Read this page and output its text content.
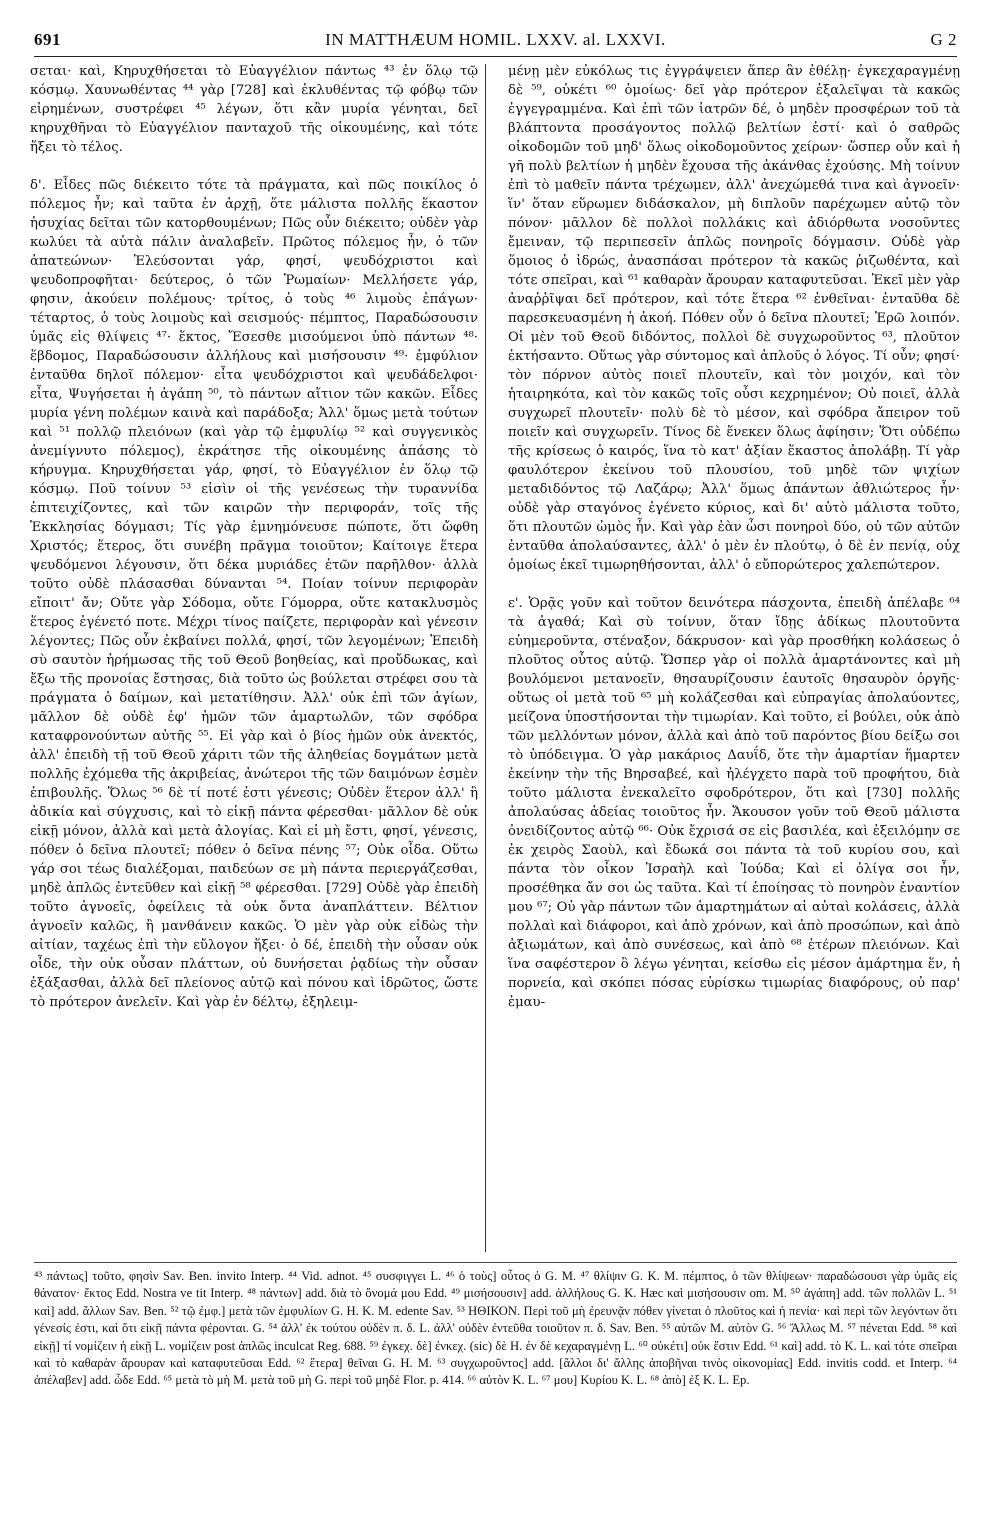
691	IN MATTHÆUM HOMIL. LXXV. al. LXXVI.	G 2

σεται· καὶ, Κηρυχθήσεται τὸ Εὐαγγέλιον πάντως ⁴³ ἐν ὅλῳ τῷ κόσμῳ. Χαυνωθέντας ⁴⁴ γὰρ [728] καὶ ἐκλυθέντας τῷ φόβῳ τῶν εἰρημένων, συστρέφει ⁴⁵ λέγων, ὅτι κἂν μυρία γένηται, δεῖ κηρυχθῆναι τὸ Εὐαγγέλιον πανταχοῦ τῆς οἰκουμένης, καὶ τότε ἥξει τὸ τέλος.

δ'. Εἶδες πῶς διέκειτο τότε τὰ πράγματα, καὶ πῶς ποικίλος ὁ πόλεμος ἦν; καὶ ταῦτα ἐν ἀρχῇ, ὅτε μάλιστα πολλῆς ἕκαστον ἡσυχίας δεῖται τῶν κατορθουμένων; Πῶς οὖν διέκειτο; οὐδὲν γὰρ κωλύει τὰ αὐτὰ πάλιν ἀναλαβεῖν. Πρῶτος πόλεμος ἦν, ὁ τῶν ἀπατεώνων· Ἐλεύσονται γάρ, φησί, ψευδόχριστοι καὶ ψευδοπροφῆται· δεύτερος, ὁ τῶν Ῥωμαίων· Μελλήσετε γάρ, φησιν, ἀκούειν πολέμους· τρίτος, ὁ τοὺς ⁴⁶ λιμοὺς ἐπάγων· τέταρτος, ὁ τοὺς λοιμοὺς καὶ σεισμούς· πέμπτος, Παραδώσουσιν ὑμᾶς εἰς θλίψεις ⁴⁷· ἕκτος, Ἔσεσθε μισούμενοι ὑπὸ πάντων ⁴⁸· ἕβδομος, Παραδώσουσιν ἀλλήλους καὶ μισήσουσιν ⁴⁹· ἐμφύλιον ἐνταῦθα δηλοῖ πόλεμον· εἶτα ψευδόχριστοι καὶ ψευδάδελφοι· εἶτα, Ψυγήσεται ἡ ἀγάπη ⁵⁰, τὸ πάντων αἴτιον τῶν κακῶν. Εἶδες μυρία γένη πολέμων καινὰ καὶ παράδοξα; Ἀλλ' ὅμως μετὰ τούτων καὶ ⁵¹ πολλῷ πλειόνων (καὶ γὰρ τῷ ἐμφυλίῳ ⁵² καὶ συγγενικὸς ἀνεμίγνυτο πόλεμος), ἐκράτησε τῆς οἰκουμένης ἁπάσης τὸ κήρυγμα. Κηρυχθήσεται γάρ, φησί, τὸ Εὐαγγέλιον ἐν ὅλῳ τῷ κόσμῳ. Ποῦ τοίνυν ⁵³ εἰσὶν οἱ τῆς γενέσεως τὴν τυραννίδα ἐπιτειχίζοντες, καὶ τῶν καιρῶν τὴν περιφοράν, τοῖς τῆς Ἐκκλησίας δόγμασι; Τίς γὰρ ἐμνημόνευσε πώποτε, ὅτι ὤφθη Χριστός; ἕτερος, ὅτι συνέβη πρᾶγμα τοιοῦτον; Καίτοιγε ἕτερα ψευδόμενοι λέγουσιν, ὅτι δέκα μυριάδες ἐτῶν παρῆλθον· ἀλλὰ τοῦτο οὐδὲ πλάσασθαι δύνανται ⁵⁴. Ποίαν τοίνυν περιφορὰν εἴποιτ' ἄν; Οὔτε γὰρ Σόδομα, οὔτε Γόμορρα, οὔτε κατακλυσμὸς ἕτερος ἐγένετό ποτε. Μέχρι τίνος παίζετε, περιφορὰν καὶ γένεσιν λέγοντες; Πῶς οὖν ἐκβαίνει πολλά, φησί, τῶν λεγομένων; Ἐπειδὴ σὺ σαυτὸν ἠρήμωσας τῆς τοῦ Θεοῦ βοηθείας, καὶ προὔδωκας, καὶ ἔξω τῆς προνοίας ἔστησας, διὰ τοῦτο ὡς βούλεται στρέφει σου τὰ πράγματα ὁ δαίμων, καὶ μετατίθησιν. Ἀλλ' οὐκ ἐπὶ τῶν ἁγίων, μᾶλλον δὲ οὐδὲ ἐφ' ἡμῶν τῶν ἁμαρτωλῶν, τῶν σφόδρα καταφρονούντων αὐτῆς ⁵⁵. Εἰ γὰρ καὶ ὁ βίος ἡμῶν οὐκ ἀνεκτός, ἀλλ' ἐπειδὴ τῇ τοῦ Θεοῦ χάριτι τῶν τῆς ἀληθείας δογμάτων μετὰ πολλῆς ἐχόμεθα τῆς ἀκριβείας, ἀνώτεροι τῆς τῶν δαιμόνων ἐσμὲν ἐπιβουλῆς. Ὅλως ⁵⁶ δὲ τί ποτέ ἐστι γένεσις; Οὐδὲν ἕτερον ἀλλ' ἢ ἀδικία καὶ σύγχυσις, καὶ τὸ εἰκῇ πάντα φέρεσθαι· μᾶλλον δὲ οὐκ εἰκῇ μόνον, ἀλλὰ καὶ μετὰ ἀλογίας. Καὶ εἰ μὴ ἔστι, φησί, γένεσις, πόθεν ὁ δεῖνα πλουτεῖ; πόθεν ὁ δεῖνα πένης ⁵⁷; Οὐκ οἶδα. Οὕτω γάρ σοι τέως διαλέξομαι, παιδεύων σε μὴ πάντα περιεργάζεσθαι, μηδὲ ἁπλῶς ἐντεῦθεν καὶ εἰκῇ ⁵⁸ φέρεσθαι. [729] Οὐδὲ γὰρ ἐπειδὴ τοῦτο ἀγνοεῖς, ὀφείλεις τὰ οὐκ ὄντα ἀναπλάττειν. Βέλτιον ἀγνοεῖν καλῶς, ἢ μανθάνειν κακῶς. Ὁ μὲν γὰρ οὐκ εἰδὼς τὴν αἰτίαν, ταχέως ἐπὶ τὴν εὔλογον ἥξει· ὁ δέ, ἐπειδὴ τὴν οὖσαν οὐκ οἶδε, τὴν οὐκ οὖσαν πλάττων, οὐ δυνήσεται ῥᾳδίως τὴν οὖσαν ἐξάξασθαι, ἀλλὰ δεῖ πλείονος αὐτῷ καὶ πόνου καὶ ἱδρῶτος, ὥστε τὸ πρότερον ἀνελεῖν. Καὶ γὰρ ἐν δέλτῳ, ἐξηλειμ-

μένῃ μὲν εὐκόλως τις ἐγγράψειεν ἅπερ ἂν ἐθέλῃ· ἐγκεχαραγμένῃ δὲ ⁵⁹, οὐκέτι ⁶⁰ ὁμοίως· δεῖ γὰρ πρότερον ἐξαλεῖψαι τὰ κακῶς ἐγγεγραμμένα. Καὶ ἐπὶ τῶν ἰατρῶν δέ, ὁ μηδὲν προσφέρων τοῦ τὰ βλάπτοντα προσάγοντος πολλῷ βελτίων ἐστί· καὶ ὁ σαθρῶς οἰκοδομῶν τοῦ μηδ' ὅλως οἰκοδομοῦντος χείρων· ὥσπερ οὖν καὶ ἡ γῆ πολὺ βελτίων ἡ μηδὲν ἔχουσα τῆς ἀκάνθας ἐχούσης. Μὴ τοίνυν ἐπὶ τὸ μαθεῖν πάντα τρέχωμεν, ἀλλ' ἀνεχώμεθά τινα καὶ ἀγνοεῖν· ἵν' ὅταν εὕρωμεν διδάσκαλον, μὴ διπλοῦν παρέχωμεν αὐτῷ τὸν πόνον· μᾶλλον δὲ πολλοὶ πολλάκις καὶ ἀδιόρθωτα νοσοῦντες ἔμειναν, τῷ περιπεσεῖν ἁπλῶς πονηροῖς δόγμασιν. Οὐδὲ γὰρ ὅμοιος ὁ ἱδρώς, ἀνασπάσαι πρότερον τὰ κακῶς ῥιζωθέντα, καὶ τότε σπεῖραι, καὶ ⁶¹ καθαρὰν ἄρουραν καταφυτεῦσαι. Ἐκεῖ μὲν γὰρ ἀναῤῥῖψαι δεῖ πρότερον, καὶ τότε ἕτερα ⁶² ἐνθεῖναι· ἐνταῦθα δὲ παρεσκευασμένη ἡ ἀκοή. Πόθεν οὖν ὁ δεῖνα πλουτεῖ; Ἐρῶ λοιπόν. Οἱ μὲν τοῦ Θεοῦ διδόντος, πολλοὶ δὲ συγχωροῦντος ⁶³, πλοῦτον ἐκτήσαντο. Οὕτως γὰρ σύντομος καὶ ἁπλοῦς ὁ λόγος. Τί οὖν; φησί· τὸν πόρνον αὐτὸς ποιεῖ πλουτεῖν, καὶ τὸν μοιχόν, καὶ τὸν ἡταιρηκότα, καὶ τὸν κακῶς τοῖς οὖσι κεχρημένον; Οὐ ποιεῖ, ἀλλὰ συγχωρεῖ πλουτεῖν· πολὺ δὲ τὸ μέσον, καὶ σφόδρα ἄπειρον τοῦ ποιεῖν καὶ συγχωρεῖν. Τίνος δὲ ἕνεκεν ὅλως ἀφίησιν; Ὅτι οὐδέπω τῆς κρίσεως ὁ καιρός, ἵνα τὸ κατ' ἀξίαν ἕκαστος ἀπολάβῃ. Τί γὰρ φαυλότερον ἐκείνου τοῦ πλουσίου, τοῦ μηδὲ τῶν ψιχίων μεταδιδόντος τῷ Λαζάρῳ; Ἀλλ' ὅμως ἁπάντων ἀθλιώτερος ἦν· οὐδὲ γὰρ σταγόνος ἐγένετο κύριος, καὶ δι' αὐτὸ μάλιστα τοῦτο, ὅτι πλουτῶν ὠμὸς ἦν. Καὶ γὰρ ἐὰν ὦσι πονηροὶ δύο, οὐ τῶν αὐτῶν ἐνταῦθα ἀπολαύσαντες, ἀλλ' ὁ μὲν ἐν πλούτῳ, ὁ δὲ ἐν πενίᾳ, οὐχ ὁμοίως ἐκεῖ τιμωρηθήσονται, ἀλλ' ὁ εὔπορώτερος χαλεπώτερον.

ε'. Ὁρᾷς γοῦν καὶ τοῦτον δεινότερα πάσχοντα, ἐπειδὴ ἀπέλαβε ⁶⁴ τὰ ἀγαθά; Καὶ σὺ τοίνυν, ὅταν ἴδῃς ἀδίκως πλουτοῦντα εὐημεροῦντα, στέναξον, δάκρυσον· καὶ γὰρ προσθήκη κολάσεως ὁ πλοῦτος οὗτος αὐτῷ. Ὥσπερ γὰρ οἱ πολλὰ ἁμαρτάνοντες καὶ μὴ βουλόμενοι μετανοεῖν, θησαυρίζουσιν ἑαυτοῖς θησαυρὸν ὀργῆς· οὕτως οἱ μετὰ τοῦ ⁶⁵ μὴ κολάζεσθαι καὶ εὐπραγίας ἀπολαύοντες, μείζονα ὑποστήσονται τὴν τιμωρίαν. Καὶ τοῦτο, εἰ βούλει, οὐκ ἀπὸ τῶν μελλόντων μόνον, ἀλλὰ καὶ ἀπὸ τοῦ παρόντος βίου δείξω σοι τὸ ὑπόδειγμα. Ὁ γὰρ μακάριος Δαυΐδ, ὅτε τὴν ἁμαρτίαν ἥμαρτεν ἐκείνην τὴν τῆς Βηρσαβεέ, καὶ ἠλέγχετο παρὰ τοῦ προφήτου, διὰ τοῦτο μάλιστα ἐνεκαλεῖτο σφοδρότερον, ὅτι καὶ [730] πολλῆς ἀπολαύσας ἀδείας τοιοῦτος ἦν. Ἄκουσον γοῦν τοῦ Θεοῦ μάλιστα ὀνειδίζοντος αὐτῷ ⁶⁶· Οὐκ ἔχρισά σε εἰς βασιλέα, καὶ ἐξειλόμην σε ἐκ χειρὸς Σαοὺλ, καὶ ἔδωκά σοι πάντα τὰ τοῦ κυρίου σου, καὶ πάντα τὸν οἶκον Ἰσραὴλ καὶ Ἰούδα; Καὶ εἰ ὀλίγα σοι ἦν, προσέθηκα ἄν σοι ὡς ταῦτα. Καὶ τί ἐποίησας τὸ πονηρὸν ἐναντίον μου ⁶⁷; Οὐ γὰρ πάντων τῶν ἁμαρτημάτων αἱ αὐταὶ κολάσεις, ἀλλὰ πολλαὶ καὶ διάφοροι, καὶ ἀπὸ χρόνων, καὶ ἀπὸ προσώπων, καὶ ἀπὸ ἀξιωμάτων, καὶ ἀπὸ συνέσεως, καὶ ἀπὸ ⁶⁸ ἑτέρων πλειόνων. Καὶ ἵνα σαφέστερον ὃ λέγω γένηται, κείσθω εἰς μέσον ἁμάρτημα ἕν, ἡ πορνεία, καὶ σκόπει πόσας εὑρίσκω τιμωρίας διαφόρους, οὐ παρ' ἐμαυ-

⁴³ πάντως] τοῦτο, φησὶν Sav. Ben. invito Interp. ⁴⁴ Vid. adnot. ⁴⁵ συσφιγγει L. ⁴⁶ ὁ τοὺς] οὗτος ὁ G. M. ⁴⁷ θλίψιν G. K. M. πέμπτος, ὁ τῶν θλίψεων· παραδώσουσι γὰρ ὑμᾶς εἰς θάνατον· ἕκτος Edd. Nostra ve tit Interp. ⁴⁸ πάντων] add. διὰ τὸ ὄνομά μου Edd. ⁴⁹ μισήσουσιν] add. ἀλλήλους G. K. Hæc καὶ μισήσουσιν om. M. ⁵⁰ ἀγάπη] add. τῶν πολλῶν L. ⁵¹ καὶ] add. ἄλλων Sav. Ben. ⁵² τῷ ἐμφ.] μετὰ τῶν ἐμφυλίων G. H. K. M. edente Sav. ⁵³ ΗΘΙΚΟΝ. Περὶ τοῦ μὴ ἐρευνᾷν πόθεν γίνεται ὁ πλοῦτος καὶ ἡ πενία· καὶ περὶ τῶν λεγόντων ὅτι γένεσίς ἐστι, καὶ ὅτι εἰκῇ πάντα φέρονται. G. ⁵⁴ ἀλλ' ἐκ τούτου οὐδὲν π. δ. L. ἀλλ' οὐδὲν ἐντεῦθα τοιοῦτον π. δ. Sav. Ben. ⁵⁵ αὐτῶν M. αὐτὸν G. ⁵⁶ Ἄλλως M. ⁵⁷ πένεται Edd. ⁵⁸ καὶ εἰκῇ] τί νομίζειν ἡ εἰκῇ L. νομίζειν post ἁπλῶς inculcat Reg. 688. ⁵⁹ ἐγκεχ. δὲ] ἐνκεχ. (sic) δὲ H. ἐν δὲ κεχαραγμένῃ L. ⁶⁰ οὐκέτι] οὐκ ἔστιν Edd. ⁶¹ καὶ] add. τὸ K. L. καὶ τότε σπεῖραι καὶ τὸ καθαρὰν ἄρουραν καὶ καταφυτεῦσαι Edd. ⁶² ἕτερα] θεῖναι G. H. M. ⁶³ συγχωροῦντος] add. [ἄλλοι δι' ἄλλης ἀποβῆναι τινὸς οἰκονομίας] Edd. invitis codd. et Interp. ⁶⁴ ἀπέλαβεν] add. ὧδε Edd. ⁶⁵ μετὰ τὸ μὴ M. μετὰ τοῦ μὴ G. περὶ τοῦ μηδὲ Flor. p. 414. ⁶⁶ αὐτὸν K. L. ⁶⁷ μου] Κυρίου K. L. ⁶⁸ ἀπὸ] ἐξ K. L. Ep.
